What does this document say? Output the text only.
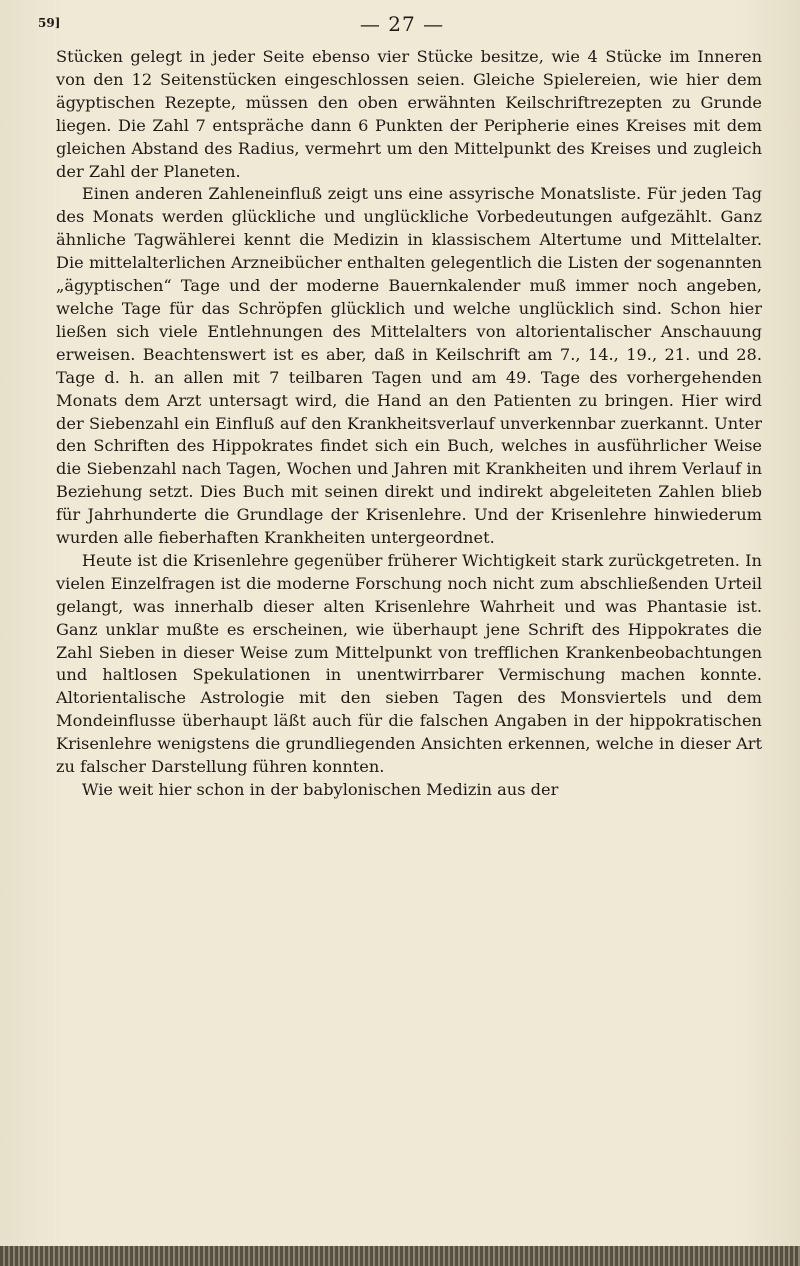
59]	— 27 —

Stücken gelegt in jeder Seite ebenso vier Stücke besitze, wie 4 Stücke im Inneren von den 12 Seitenstücken eingeschlossen seien. Gleiche Spielereien, wie hier dem ägyptischen Rezepte, müssen den oben erwähnten Keilschriftrezepten zu Grunde liegen. Die Zahl 7 entspräche dann 6 Punkten der Peripherie eines Kreises mit dem gleichen Abstand des Radius, vermehrt um den Mittelpunkt des Kreises und zugleich der Zahl der Planeten.

Einen anderen Zahleneinfluß zeigt uns eine assyrische Monatsliste. Für jeden Tag des Monats werden glückliche und unglückliche Vorbedeutungen aufgezählt. Ganz ähnliche Tagwählerei kennt die Medizin in klassischem Altertume und Mittelalter. Die mittelalterlichen Arzneibücher enthalten gelegentlich die Listen der sogenannten „ägyptischen“ Tage und der moderne Bauernkalender muß immer noch angeben, welche Tage für das Schröpfen glücklich und welche unglücklich sind. Schon hier ließen sich viele Entlehnungen des Mittelalters von altorientalischer Anschauung erweisen. Beachtenswert ist es aber, daß in Keilschrift am 7., 14., 19., 21. und 28. Tage d. h. an allen mit 7 teilbaren Tagen und am 49. Tage des vorhergehenden Monats dem Arzt untersagt wird, die Hand an den Patienten zu bringen. Hier wird der Siebenzahl ein Einfluß auf den Krankheitsverlauf unverkennbar zuerkannt. Unter den Schriften des Hippokrates findet sich ein Buch, welches in ausführlicher Weise die Siebenzahl nach Tagen, Wochen und Jahren mit Krankheiten und ihrem Verlauf in Beziehung setzt. Dies Buch mit seinen direkt und indirekt abgeleiteten Zahlen blieb für Jahrhunderte die Grundlage der Krisenlehre. Und der Krisenlehre hinwiederum wurden alle fieberhaften Krankheiten untergeordnet.

Heute ist die Krisenlehre gegenüber früherer Wichtigkeit stark zurückgetreten. In vielen Einzelfragen ist die moderne Forschung noch nicht zum abschließenden Urteil gelangt, was innerhalb dieser alten Krisenlehre Wahrheit und was Phantasie ist. Ganz unklar mußte es erscheinen, wie überhaupt jene Schrift des Hippokrates die Zahl Sieben in dieser Weise zum Mittelpunkt von trefflichen Krankenbeobachtungen und haltlosen Spekulationen in unentwirrbarer Vermischung machen konnte. Altorientalische Astrologie mit den sieben Tagen des Monsviertels und dem Mondeinflusse überhaupt läßt auch für die falschen Angaben in der hippokratischen Krisenlehre wenigstens die grundliegenden Ansichten erkennen, welche in dieser Art zu falscher Darstellung führen konnten.

Wie weit hier schon in der babylonischen Medizin aus der
